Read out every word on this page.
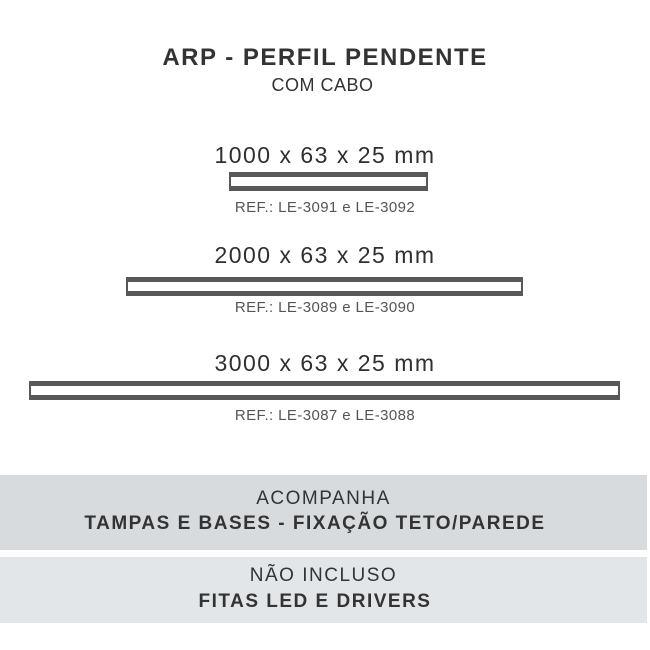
ARP - PERFIL PENDENTE
COM CABO
1000 x 63 x 25 mm
REF.: LE-3091 e LE-3092
2000 x 63 x 25 mm
REF.: LE-3089 e LE-3090
3000 x 63 x 25 mm
REF.: LE-3087 e LE-3088
ACOMPANHA
TAMPAS E BASES - FIXAÇÃO TETO/PAREDE
NÃO INCLUSO
FITAS LED E DRIVERS
